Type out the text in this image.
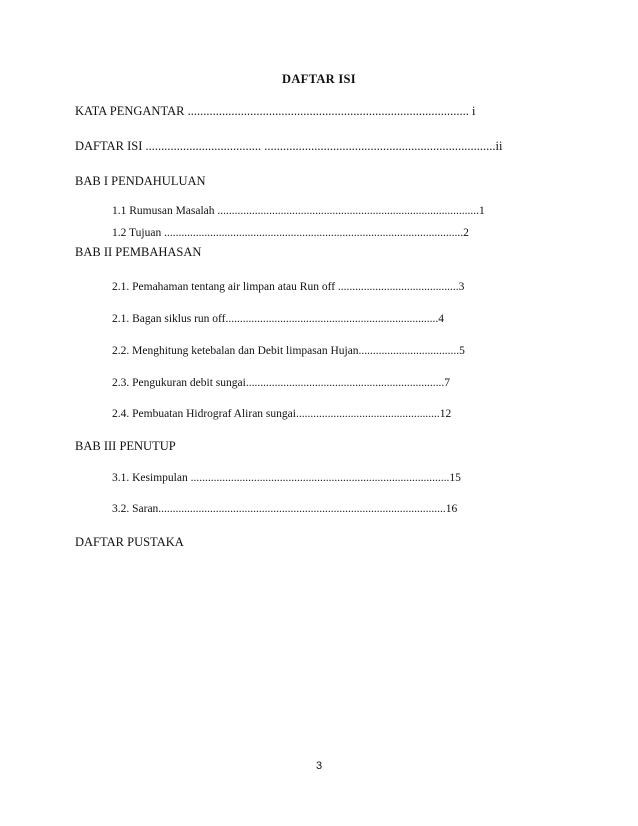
DAFTAR ISI
KATA PENGANTAR .......................................................................................... i
DAFTAR ISI ..................................... ..........................................................................ii
BAB I PENDAHULUAN
1.1 Rumusan Masalah ...........................................................................................1
1.2 Tujuan ........................................................................................................2
BAB II PEMBAHASAN
2.1. Pemahaman tentang air limpan atau Run off ..........................................3
2.1. Bagan siklus run off..........................................................................4
2.2. Menghitung ketebalan dan Debit limpasan Hujan...................................5
2.3. Pengukuran debit sungai.....................................................................7
2.4. Pembuatan Hidrograf Aliran sungai..................................................12
BAB III PENUTUP
3.1. Kesimpulan ..........................................................................................15
3.2. Saran....................................................................................................16
DAFTAR PUSTAKA
3
